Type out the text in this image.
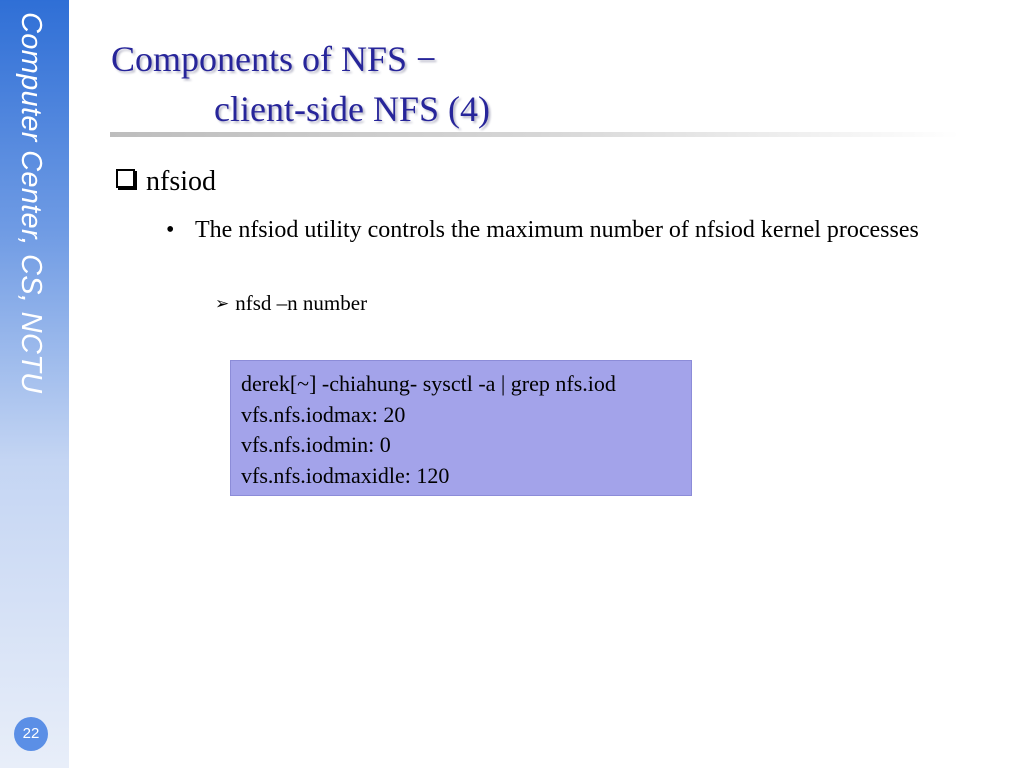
Computer Center, CS, NCTU
22
Components of NFS −
client-side NFS (4)
nfsiod
• The nfsiod utility controls the maximum number of nfsiod kernel processes
➢ nfsd –n number
derek[~] -chiahung- sysctl -a | grep nfs.iod
vfs.nfs.iodmax: 20
vfs.nfs.iodmin: 0
vfs.nfs.iodmaxidle: 120
